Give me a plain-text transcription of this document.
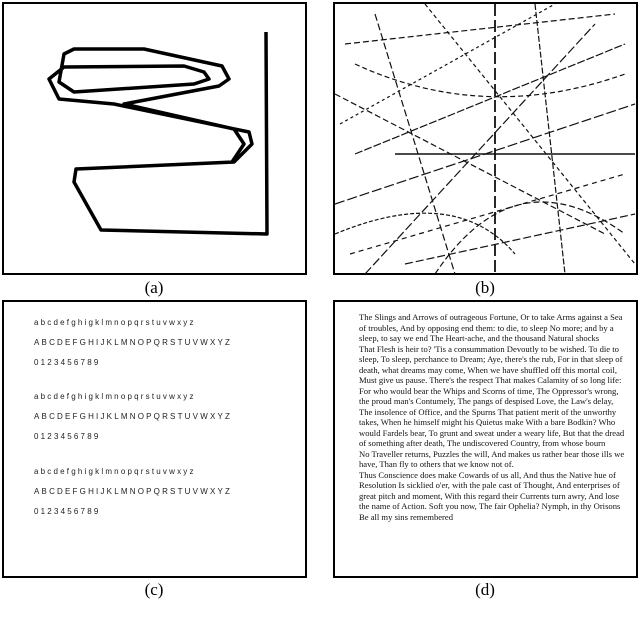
(a)	(b)
abcdefghigklmnopqrstuvwxyz
ABCDEFGHIJKLMNOPQRSTUVWXYZ
0123456789
abcdefghigklmnopqrstuvwxyz
ABCDEFGHIJKLMNOPQRSTUVWXYZ
0123456789
abcdefghigklmnopqrstuvwxyz
ABCDEFGHIJKLMNOPQRSTUVWXYZ
0123456789
(c)

The Slings and Arrows of outrageous Fortune, Or to take Arms against a Sea

of troubles, And by opposing end them: to die, to sleep No more; and by a

sleep, to say we end The Heart-ache, and the thousand Natural shocks

That Flesh is heir to? 'Tis a consummation Devoutly to be wished. To die to

sleep, To sleep, perchance to Dream; Aye, there's the rub, For in that sleep of

death, what dreams may come, When we have shuffled off this mortal coil,

Must give us pause. There's the respect That makes Calamity of so long life:

For who would bear the Whips and Scorns of time, The Oppressor's wrong,

the proud man's Contumely, The pangs of despised Love, the Law's delay,

The insolence of Office, and the Spurns That patient merit of the unworthy

takes, When he himself might his Quietus make With a bare Bodkin? Who

would Fardels bear, To grunt and sweat under a weary life, But that the dread

of something after death, The undiscovered Country, from whose bourn

No Traveller returns, Puzzles the will, And makes us rather bear those ills we

have, Than fly to others that we know not of.

Thus Conscience does make Cowards of us all, And thus the Native hue of

Resolution Is sicklied o'er, with the pale cast of Thought, And enterprises of

great pitch and moment, With this regard their Currents turn awry, And lose

the name of Action. Soft you now, The fair Ophelia? Nymph, in thy Orisons

Be all my sins remembered

(d)
